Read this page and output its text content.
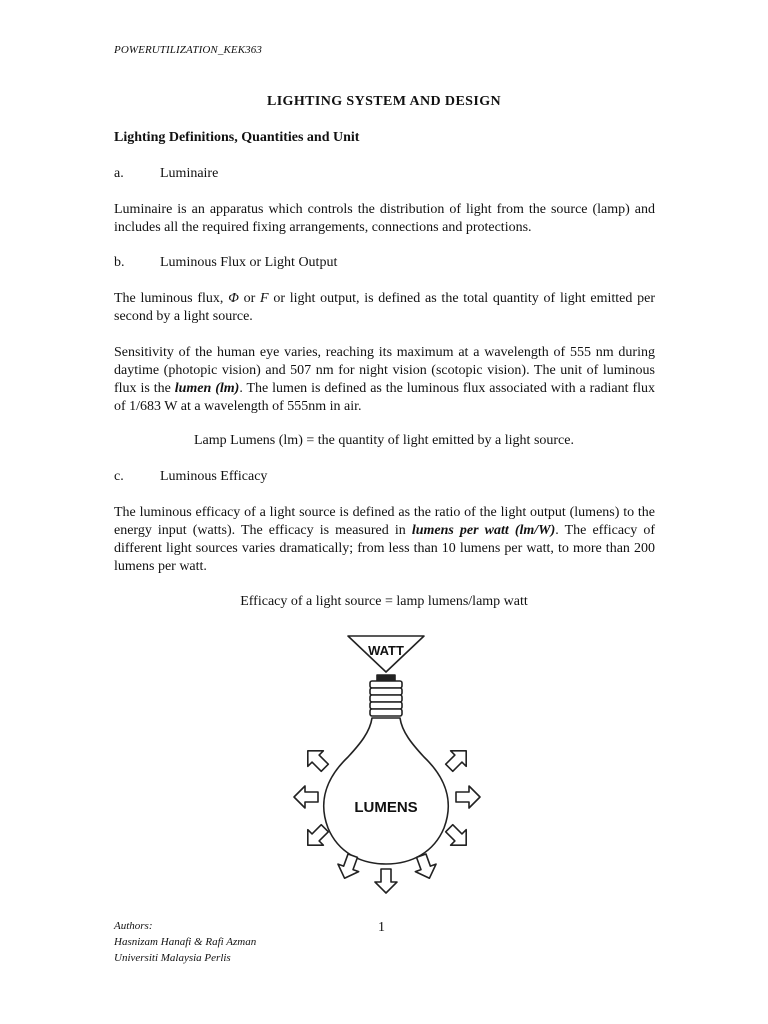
POWERUTILIZATION_KEK363
LIGHTING SYSTEM AND DESIGN
Lighting Definitions, Quantities and Unit
a.	Luminaire
Luminaire is an apparatus which controls the distribution of light from the source (lamp) and includes all the required fixing arrangements, connections and protections.
b.	Luminous Flux or Light Output
The luminous flux, Φ or F or light output, is defined as the total quantity of light emitted per second by a light source.
Sensitivity of the human eye varies, reaching its maximum at a wavelength of 555 nm during daytime (photopic vision) and 507 nm for night vision (scotopic vision). The unit of luminous flux is the lumen (lm). The lumen is defined as the luminous flux associated with a radiant flux of 1/683 W at a wavelength of 555nm in air.
Lamp Lumens (lm) = the quantity of light emitted by a light source.
c.	Luminous Efficacy
The luminous efficacy of a light source is defined as the ratio of the light output (lumens) to the energy input (watts). The efficacy is measured in lumens per watt (lm/W). The efficacy of different light sources varies dramatically; from less than 10 lumens per watt, to more than 200 lumens per watt.
Efficacy of a light source = lamp lumens/lamp watt
WATT
LUMENS
Authors:
Hasnizam Hanafi & Rafi Azman
Universiti Malaysia Perlis
1
